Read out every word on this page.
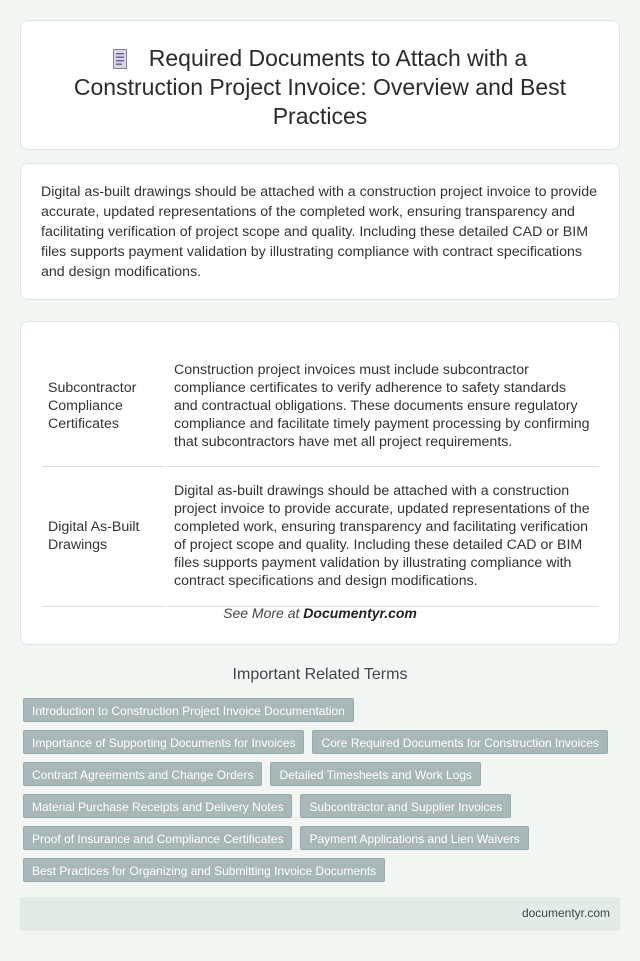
Required Documents to Attach with a Construction Project Invoice: Overview and Best Practices

Digital as-built drawings should be attached with a construction project invoice to provide accurate, updated representations of the completed work, ensuring transparency and facilitating verification of project scope and quality. Including these detailed CAD or BIM files supports payment validation by illustrating compliance with contract specifications and design modifications.

Subcontractor Compliance Certificates	Construction project invoices must include subcontractor compliance certificates to verify adherence to safety standards and contractual obligations. These documents ensure regulatory compliance and facilitate timely payment processing by confirming that subcontractors have met all project requirements.
Digital As-Built Drawings	Digital as-built drawings should be attached with a construction project invoice to provide accurate, updated representations of the completed work, ensuring transparency and facilitating verification of project scope and quality. Including these detailed CAD or BIM files supports payment validation by illustrating compliance with contract specifications and design modifications.
See More at Documentyr.com
Important Related Terms
Introduction to Construction Project Invoice Documentation
Importance of Supporting Documents for Invoices	Core Required Documents for Construction Invoices
Contract Agreements and Change Orders	Detailed Timesheets and Work Logs
Material Purchase Receipts and Delivery Notes	Subcontractor and Supplier Invoices
Proof of Insurance and Compliance Certificates	Payment Applications and Lien Waivers
Best Practices for Organizing and Submitting Invoice Documents
documentyr.com
